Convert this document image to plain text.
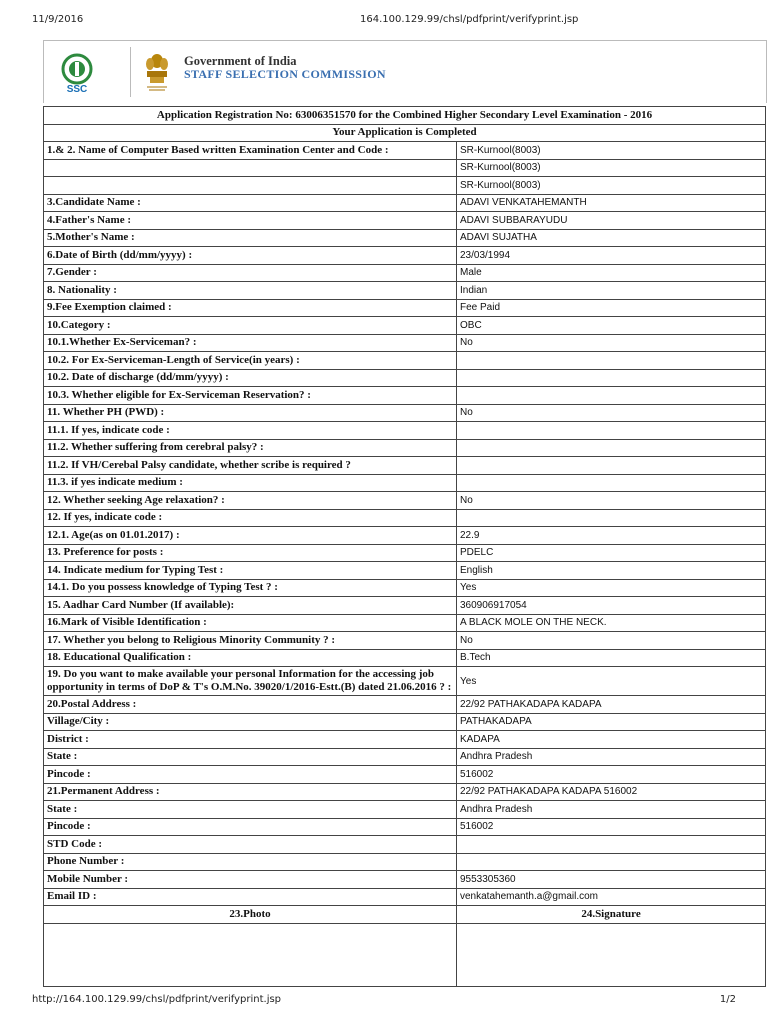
11/9/2016	164.100.129.99/chsl/pdfprint/verifyprint.jsp
SSC
Government of India
STAFF SELECTION COMMISSION
Application Registration No: 63006351570 for the Combined Higher Secondary Level Examination - 2016	
Your Application is Completed	
1.& 2. Name of Computer Based written Examination Center and Code :	SR-Kurnool(8003)
	SR-Kurnool(8003)
	SR-Kurnool(8003)
3.Candidate Name :	ADAVI VENKATAHEMANTH
4.Father's Name :	ADAVI SUBBARAYUDU
5.Mother's Name :	ADAVI SUJATHA
6.Date of Birth (dd/mm/yyyy) :	23/03/1994
7.Gender :	Male
8. Nationality :	Indian
9.Fee Exemption claimed :	Fee Paid
10.Category :	OBC
10.1.Whether Ex-Serviceman? :	No
10.2. For Ex-Serviceman-Length of Service(in years) :	
10.2. Date of discharge (dd/mm/yyyy) :	
10.3. Whether eligible for Ex-Serviceman Reservation? :	
11. Whether PH (PWD) :	No
11.1. If yes, indicate code :	
11.2. Whether suffering from cerebral palsy? :	
11.2. If VH/Cerebal Palsy candidate, whether scribe is required ?	
11.3. if yes indicate medium :	
12. Whether seeking Age relaxation? :	No
12. If yes, indicate code :	
12.1. Age(as on 01.01.2017) :	22.9
13. Preference for posts :	PDELC
14. Indicate medium for Typing Test :	English
14.1. Do you possess knowledge of Typing Test ? :	Yes
15. Aadhar Card Number (If available):	360906917054
16.Mark of Visible Identification :	A BLACK MOLE ON THE NECK.
17. Whether you belong to Religious Minority Community ? :	No
18. Educational Qualification :	B.Tech
19. Do you want to make available your personal Information for the accessing job opportunity in terms of DoP & T's O.M.No. 39020/1/2016-Estt.(B) dated 21.06.2016 ? :	Yes
20.Postal Address :	22/92 PATHAKADAPA KADAPA
Village/City :	PATHAKADAPA
District :	KADAPA
State :	Andhra Pradesh
Pincode :	516002
21.Permanent Address :	22/92 PATHAKADAPA KADAPA 516002
State :	Andhra Pradesh
Pincode :	516002
STD Code :	
Phone Number :	
Mobile Number :	9553305360
Email ID :	venkatahemanth.a@gmail.com
23.Photo	24.Signature

http://164.100.129.99/chsl/pdfprint/verifyprint.jsp	1/2
